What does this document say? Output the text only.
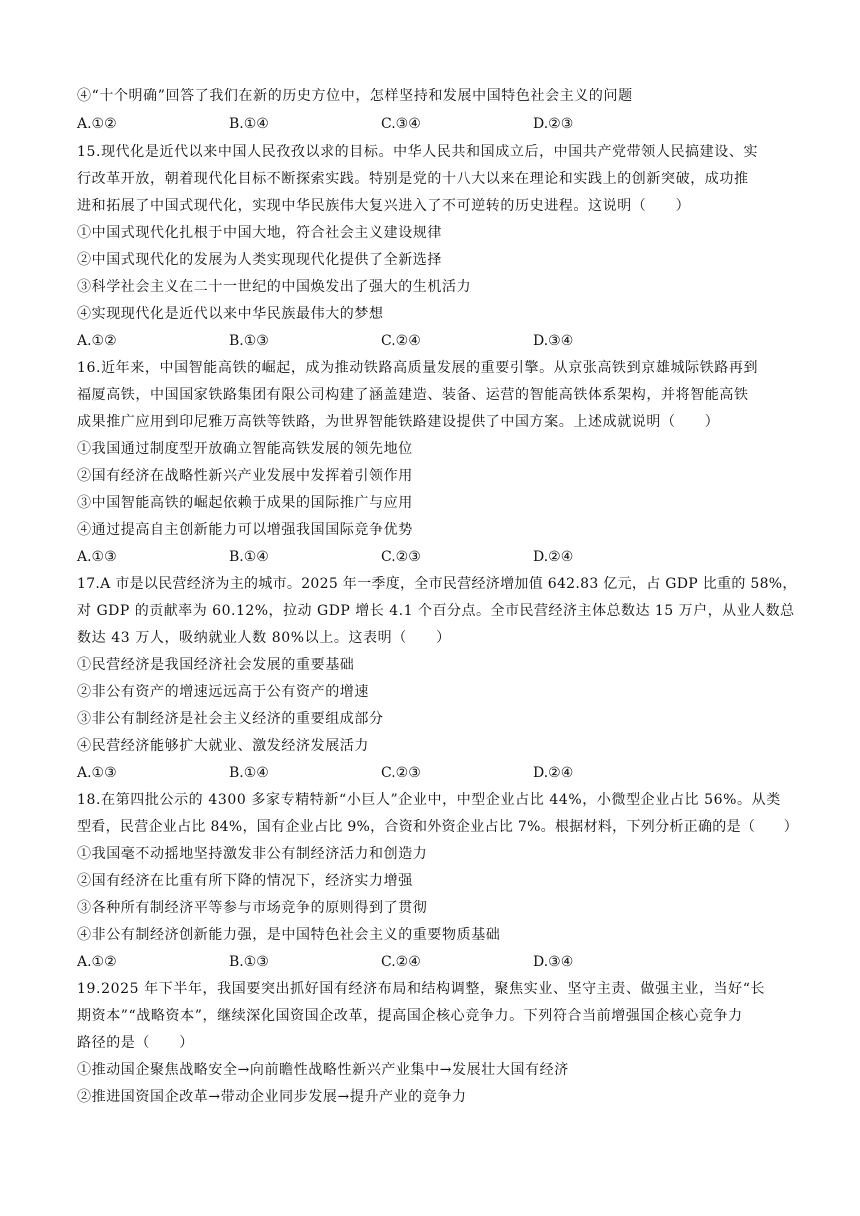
④“十个明确”回答了我们在新的历史方位中，怎样坚持和发展中国特色社会主义的问题
A.①②	B.①④	C.③④	D.②③
15.现代化是近代以来中国人民孜孜以求的目标。中华人民共和国成立后，中国共产党带领人民搞建设、实
行改革开放，朝着现代化目标不断探索实践。特别是党的十八大以来在理论和实践上的创新突破，成功推
进和拓展了中国式现代化，实现中华民族伟大复兴进入了不可逆转的历史进程。这说明（　　）
①中国式现代化扎根于中国大地，符合社会主义建设规律
②中国式现代化的发展为人类实现现代化提供了全新选择
③科学社会主义在二十一世纪的中国焕发出了强大的生机活力
④实现现代化是近代以来中华民族最伟大的梦想
A.①②	B.①③	C.②④	D.③④
16.近年来，中国智能高铁的崛起，成为推动铁路高质量发展的重要引擎。从京张高铁到京雄城际铁路再到
福厦高铁，中国国家铁路集团有限公司构建了涵盖建造、装备、运营的智能高铁体系架构，并将智能高铁
成果推广应用到印尼雅万高铁等铁路，为世界智能铁路建设提供了中国方案。上述成就说明（　　）
①我国通过制度型开放确立智能高铁发展的领先地位
②国有经济在战略性新兴产业发展中发挥着引领作用
③中国智能高铁的崛起依赖于成果的国际推广与应用
④通过提高自主创新能力可以增强我国国际竞争优势
A.①③	B.①④	C.②③	D.②④
17.A 市是以民营经济为主的城市。2025 年一季度，全市民营经济增加值 642.83 亿元，占 GDP 比重的 58%，
对 GDP 的贡献率为 60.12%，拉动 GDP 增长 4.1 个百分点。全市民营经济主体总数达 15 万户，从业人数总
数达 43 万人，吸纳就业人数 80%以上。这表明（　　）
①民营经济是我国经济社会发展的重要基础
②非公有资产的增速远远高于公有资产的增速
③非公有制经济是社会主义经济的重要组成部分
④民营经济能够扩大就业、激发经济发展活力
A.①③	B.①④	C.②③	D.②④
18.在第四批公示的 4300 多家专精特新“小巨人”企业中，中型企业占比 44%，小微型企业占比 56%。从类
型看，民营企业占比 84%，国有企业占比 9%，合资和外资企业占比 7%。根据材料，下列分析正确的是（　　）
①我国毫不动摇地坚持激发非公有制经济活力和创造力
②国有经济在比重有所下降的情况下，经济实力增强
③各种所有制经济平等参与市场竞争的原则得到了贯彻
④非公有制经济创新能力强，是中国特色社会主义的重要物质基础
A.①②	B.①③	C.②④	D.③④
19.2025 年下半年，我国要突出抓好国有经济布局和结构调整，聚焦实业、坚守主责、做强主业，当好“长
期资本”“战略资本”，继续深化国资国企改革，提高国企核心竞争力。下列符合当前增强国企核心竞争力
路径的是（　　）
①推动国企聚焦战略安全→向前瞻性战略性新兴产业集中→发展壮大国有经济
②推进国资国企改革→带动企业同步发展→提升产业的竞争力
